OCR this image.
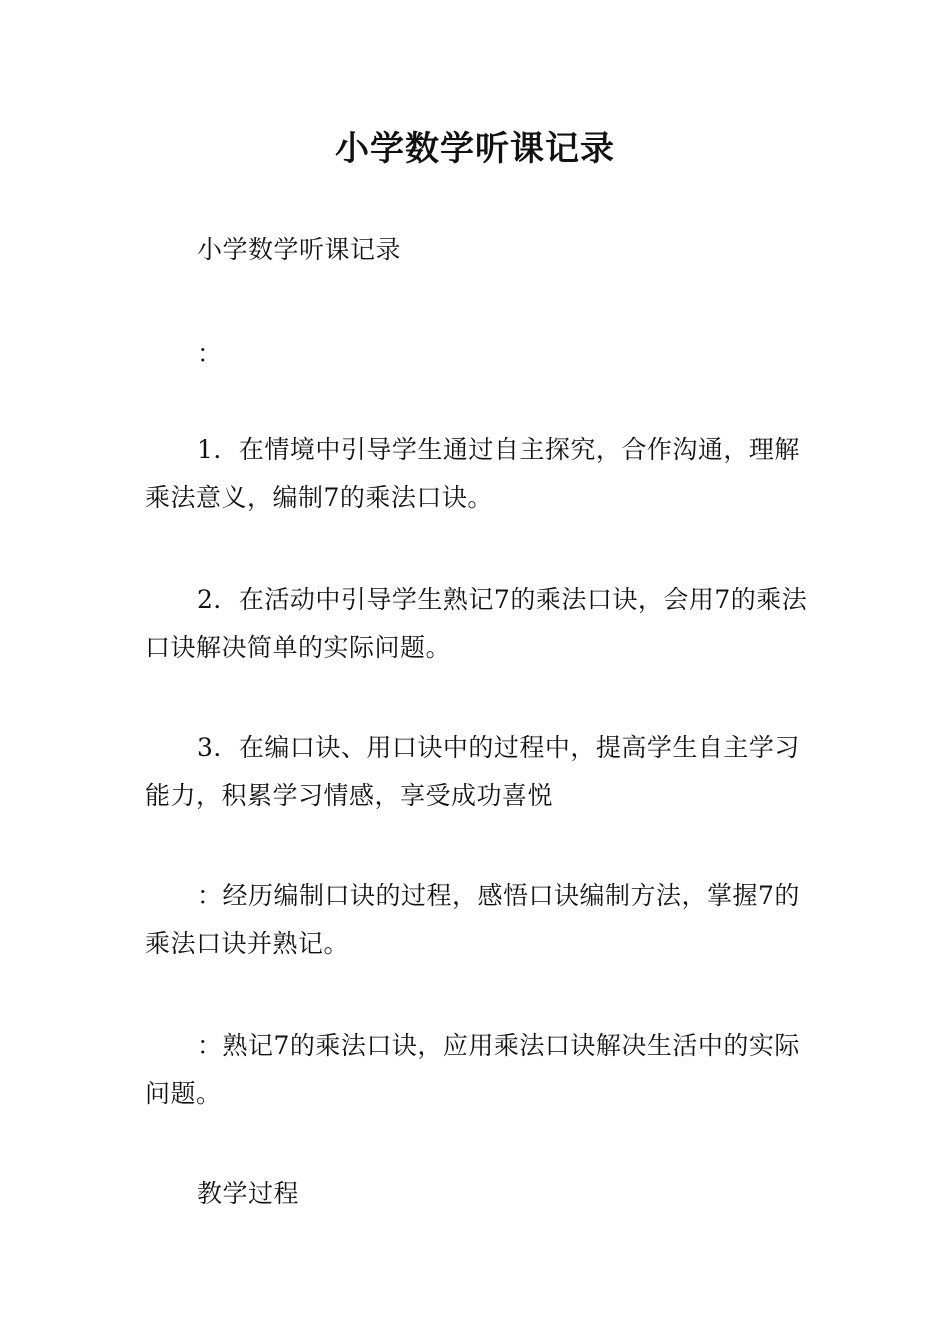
小学数学听课记录

小学数学听课记录

：

1．在情境中引导学生通过自主探究，合作沟通，理解乘法意义，编制7的乘法口诀。

2．在活动中引导学生熟记7的乘法口诀，会用7的乘法口诀解决简单的实际问题。

3．在编口诀、用口诀中的过程中，提高学生自主学习能力，积累学习情感，享受成功喜悦

：经历编制口诀的过程，感悟口诀编制方法，掌握7的乘法口诀并熟记。

：熟记7的乘法口诀，应用乘法口诀解决生活中的实际问题。

教学过程
